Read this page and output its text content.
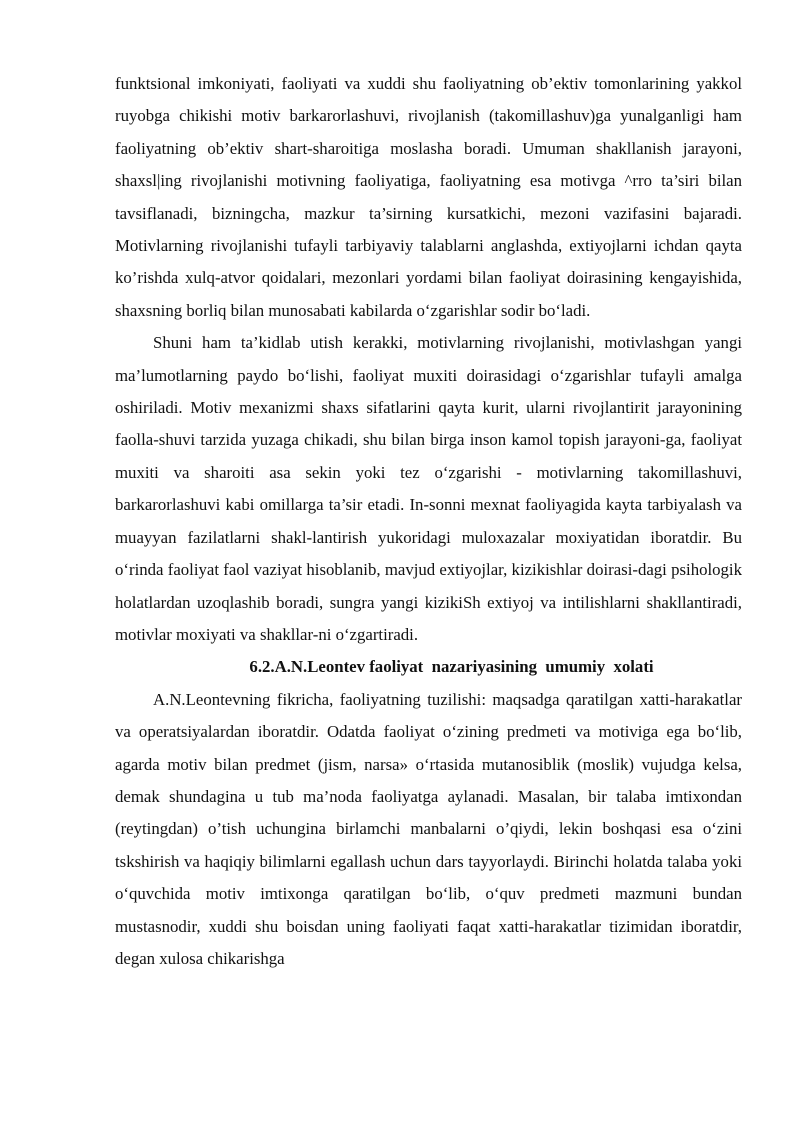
funktsional imkoniyati, faoliyati va xuddi shu faoliyatning ob’ektiv tomonlarining yakkol ruyobga chikishi motiv barkarorlashuvi, rivojlanish (takomillashuv)ga yunalganligi ham faoliyatning ob’ektiv shart-sharoitiga moslasha boradi. Umuman shakllanish jarayoni, shaxsl|ing rivojlanishi motivning faoliyatiga, faoliyatning esa motivga ^rro ta’siri bilan tavsiflanadi, bizningcha, mazkur ta’sirning kursatkichi, mezoni vazifasini bajaradi. Motivlarning rivojlanishi tufayli tarbiyaviy talablarni anglashda, extiyojlarni ichdan qayta ko’rishda xulq-atvor qoidalari, mezonlari yordami bilan faoliyat doirasining kengayishida, shaxsning borliq bilan munosabati kabilarda o‘zgarishlar sodir bo‘ladi.

Shuni ham ta’kidlab utish kerakki, motivlarning rivojlanishi, motivlashgan yangi ma’lumotlarning paydo bo‘lishi, faoliyat muxiti doirasidagi o‘zgarishlar tufayli amalga oshiriladi. Motiv mexanizmi shaxs sifatlarini qayta kurit, ularni rivojlantirit jarayonining faolla-shuvi tarzida yuzaga chikadi, shu bilan birga inson kamol topish jarayoni-ga, faoliyat muxiti va sharoiti asa sekin yoki tez o‘zgarishi - motivlarning takomillashuvi, barkarorlashuvi kabi omillarga ta’sir etadi. In-sonni mexnat faoliyagida kayta tarbiyalash va muayyan fazilatlarni shakl-lantirish yukoridagi muloxazalar moxiyatidan iboratdir. Bu o‘rinda faoliyat faol vaziyat hisoblanib, mavjud extiyojlar, kizikishlar doirasi-dagi psihologik holatlardan uzoqlashib boradi, sungra yangi kizikiSh extiyoj va intilishlarni shakllantiradi, motivlar moxiyati va shakllar-ni o‘zgartiradi.

6.2.A.N.Leontev faoliyat  nazariyasining  umumiy  xolati

A.N.Leontevning fikricha, faoliyatning tuzilishi: maqsadga qaratilgan xatti-harakatlar va operatsiyalardan iboratdir. Odatda faoliyat o‘zining predmeti va motiviga ega bo‘lib, agarda motiv bilan predmet (jism, narsa» o‘rtasida mutanosiblik (moslik) vujudga kelsa, demak shundagina u tub ma’noda faoliyatga aylanadi. Masalan, bir talaba imtixondan (reytingdan) o’tish uchungina birlamchi manbalarni o’qiydi, lekin boshqasi esa o‘zini tskshirish va haqiqiy bilimlarni egallash uchun dars tayyorlaydi. Birinchi holatda talaba yoki o‘quvchida motiv imtixonga qaratilgan bo‘lib, o‘quv predmeti mazmuni bundan mustasnodir, xuddi shu boisdan uning faoliyati faqat xatti-harakatlar tizimidan iboratdir, degan xulosa chikarishga
